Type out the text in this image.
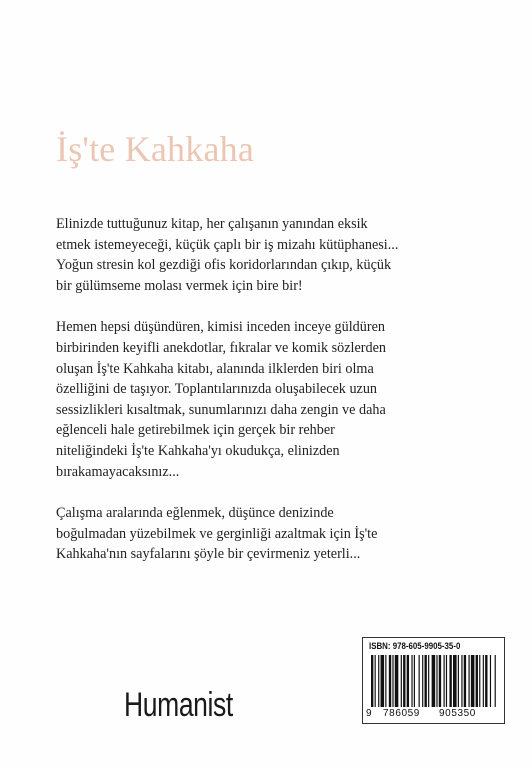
İş'te Kahkaha

Elinizde tuttuğunuz kitap, her çalışanın yanından eksik
etmek istemeyeceği, küçük çaplı bir iş mizahı kütüphanesi...
Yoğun stresin kol gezdiği ofis koridorlarından çıkıp, küçük
bir gülümseme molası vermek için bire bir!

Hemen hepsi düşündüren, kimisi inceden inceye güldüren
birbirinden keyifli anekdotlar, fıkralar ve komik sözlerden
oluşan İş'te Kahkaha kitabı, alanında ilklerden biri olma
özelliğini de taşıyor. Toplantılarınızda oluşabilecek uzun
sessizlikleri kısaltmak, sunumlarınızı daha zengin ve daha
eğlenceli hale getirebilmek için gerçek bir rehber
niteliğindeki İş'te Kahkaha'yı okudukça, elinizden
bırakamayacaksınız...

Çalışma aralarında eğlenmek, düşünce denizinde
boğulmadan yüzebilmek ve gerginliği azaltmak için İş'te
Kahkaha'nın sayfalarını şöyle bir çevirmeniz yeterli...

Humanist
ISBN: 978-605-9905-35-0
9 786059 905350
